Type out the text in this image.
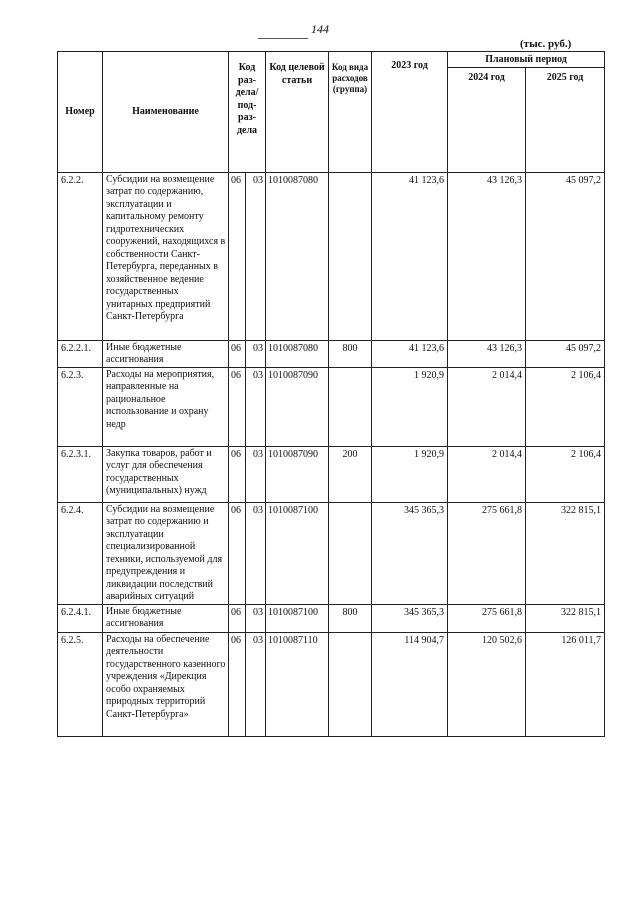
144
(тыс. руб.)
Номер	Наименование	Код раз-дела/ под-раз-дела		Код целевой статьи	Код вида расходов (группа)	2023 год	Плановый период	
							2024 год	2025 год
6.2.2.	Субсидии на возмещение затрат по содержанию, эксплуатации и капитальному ремонту гидротехнических сооружений, находящихся в собственности Санкт-Петербурга, переданных в хозяйственное ведение государственных унитарных предприятий Санкт-Петербурга	06	03	1010087080		41 123,6	43 126,3	45 097,2
6.2.2.1.	Иные бюджетные ассигнования	06	03	1010087080	800	41 123,6	43 126,3	45 097,2
6.2.3.	Расходы на мероприятия, направленные на рациональное использование и охрану недр	06	03	1010087090		1 920,9	2 014,4	2 106,4
6.2.3.1.	Закупка товаров, работ и услуг для обеспечения государственных (муниципальных) нужд	06	03	1010087090	200	1 920,9	2 014,4	2 106,4
6.2.4.	Субсидии на возмещение затрат по содержанию и эксплуатации специализированной техники, используемой для предупреждения и ликвидации последствий аварийных ситуаций	06	03	1010087100		345 365,3	275 661,8	322 815,1
6.2.4.1.	Иные бюджетные ассигнования	06	03	1010087100	800	345 365,3	275 661,8	322 815,1
6.2.5.	Расходы на обеспечение деятельности государственного казенного учреждения «Дирекция особо охраняемых природных территорий Санкт-Петербурга»	06	03	1010087110		114 904,7	120 502,6	126 011,7
